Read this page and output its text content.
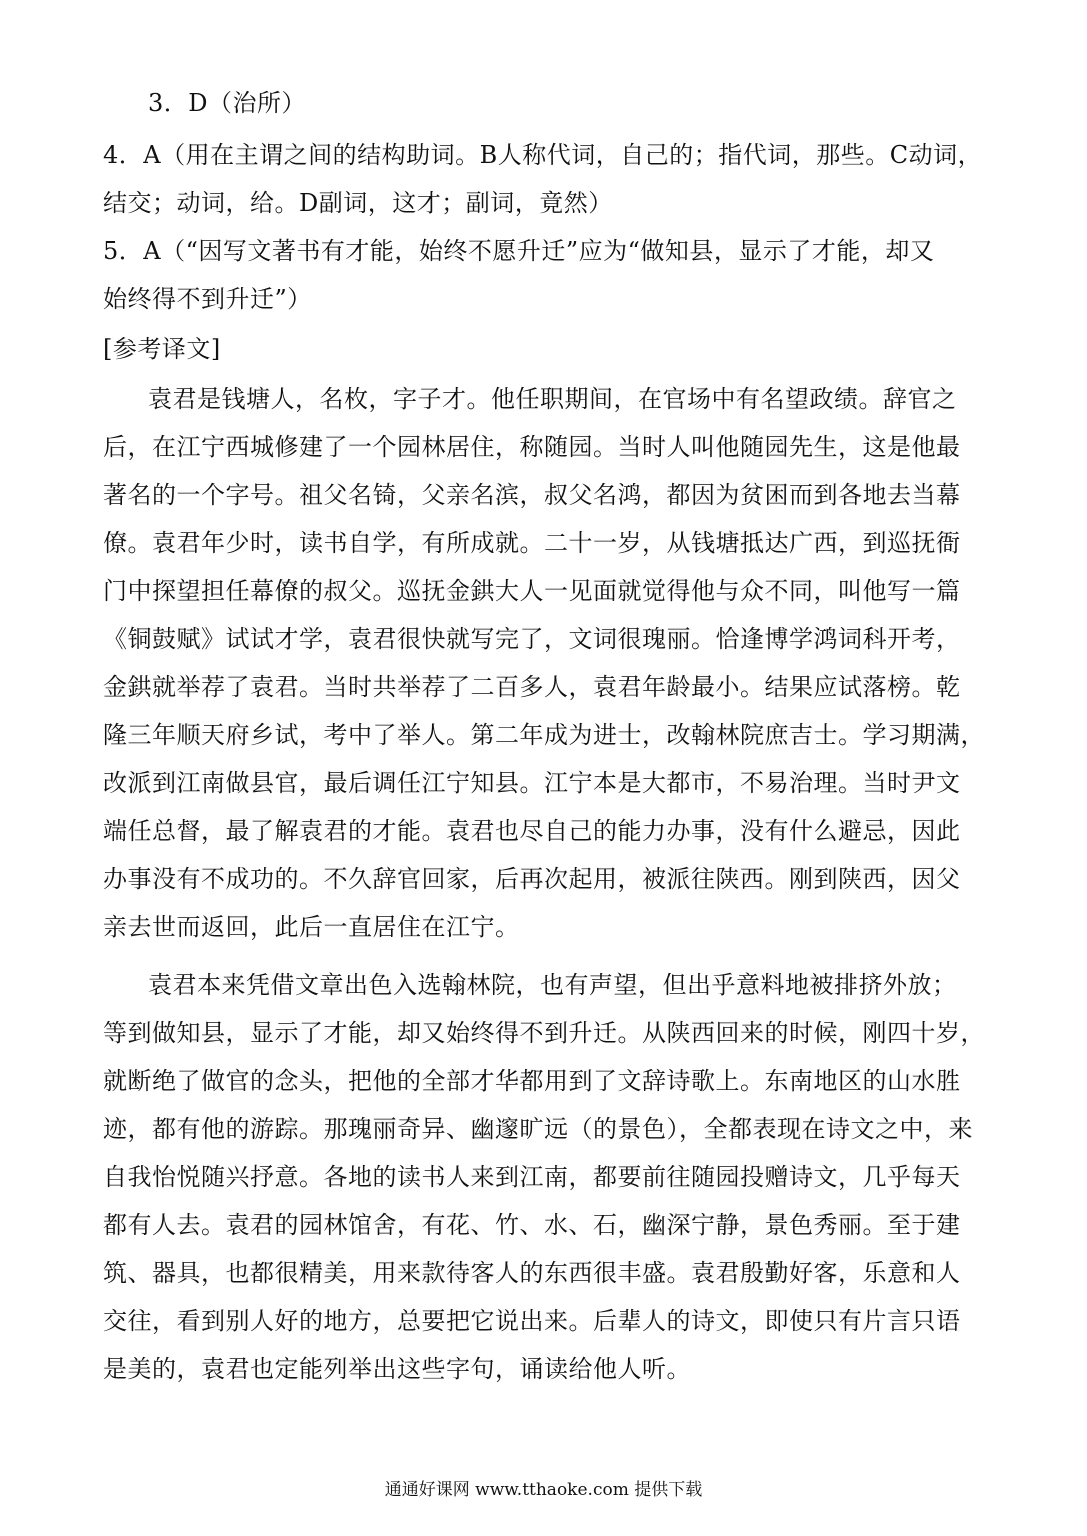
3．D（治所）
4．A（用在主谓之间的结构助词。B人称代词，自己的；指代词，那些。C动词，
结交；动词，给。D副词，这才；副词，竟然）
5．A（“因写文著书有才能，始终不愿升迁”应为“做知县，显示了才能，却又
始终得不到升迁”）
[参考译文]
袁君是钱塘人，名枚，字子才。他任职期间，在官场中有名望政绩。辞官之
后，在江宁西城修建了一个园林居住，称随园。当时人叫他随园先生，这是他最
著名的一个字号。祖父名锜，父亲名滨，叔父名鸿，都因为贫困而到各地去当幕
僚。袁君年少时，读书自学，有所成就。二十一岁，从钱塘抵达广西，到巡抚衙
门中探望担任幕僚的叔父。巡抚金鉷大人一见面就觉得他与众不同，叫他写一篇
《铜鼓赋》试试才学，袁君很快就写完了，文词很瑰丽。恰逢博学鸿词科开考，
金鉷就举荐了袁君。当时共举荐了二百多人，袁君年龄最小。结果应试落榜。乾
隆三年顺天府乡试，考中了举人。第二年成为进士，改翰林院庶吉士。学习期满，
改派到江南做县官，最后调任江宁知县。江宁本是大都市，不易治理。当时尹文
端任总督，最了解袁君的才能。袁君也尽自己的能力办事，没有什么避忌，因此
办事没有不成功的。不久辞官回家，后再次起用，被派往陕西。刚到陕西，因父
亲去世而返回，此后一直居住在江宁。
袁君本来凭借文章出色入选翰林院，也有声望，但出乎意料地被排挤外放；
等到做知县，显示了才能，却又始终得不到升迁。从陕西回来的时候，刚四十岁，
就断绝了做官的念头，把他的全部才华都用到了文辞诗歌上。东南地区的山水胜
迹，都有他的游踪。那瑰丽奇异、幽邃旷远（的景色），全都表现在诗文之中，来
自我怡悦随兴抒意。各地的读书人来到江南，都要前往随园投赠诗文，几乎每天
都有人去。袁君的园林馆舍，有花、竹、水、石，幽深宁静，景色秀丽。至于建
筑、器具，也都很精美，用来款待客人的东西很丰盛。袁君殷勤好客，乐意和人
交往，看到别人好的地方，总要把它说出来。后辈人的诗文，即使只有片言只语
是美的，袁君也定能列举出这些字句，诵读给他人听。
通通好课网 www.tthaoke.com 提供下载
